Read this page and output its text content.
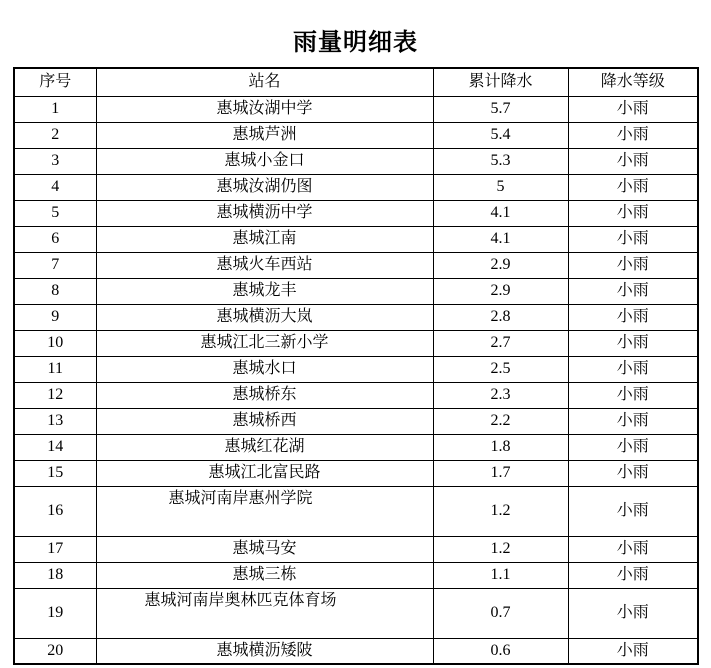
雨量明细表
序号	站名	累计降水	降水等级
1	惠城汝湖中学	5.7	小雨
2	惠城芦洲	5.4	小雨
3	惠城小金口	5.3	小雨
4	惠城汝湖仍图	5	小雨
5	惠城横沥中学	4.1	小雨
6	惠城江南	4.1	小雨
7	惠城火车西站	2.9	小雨
8	惠城龙丰	2.9	小雨
9	惠城横沥大岚	2.8	小雨
10	惠城江北三新小学	2.7	小雨
11	惠城水口	2.5	小雨
12	惠城桥东	2.3	小雨
13	惠城桥西	2.2	小雨
14	惠城红花湖	1.8	小雨
15	惠城江北富民路	1.7	小雨
16	惠城河南岸惠州学院	1.2	小雨
17	惠城马安	1.2	小雨
18	惠城三栋	1.1	小雨
19	惠城河南岸奥林匹克体育场	0.7	小雨
20	惠城横沥矮陂	0.6	小雨
